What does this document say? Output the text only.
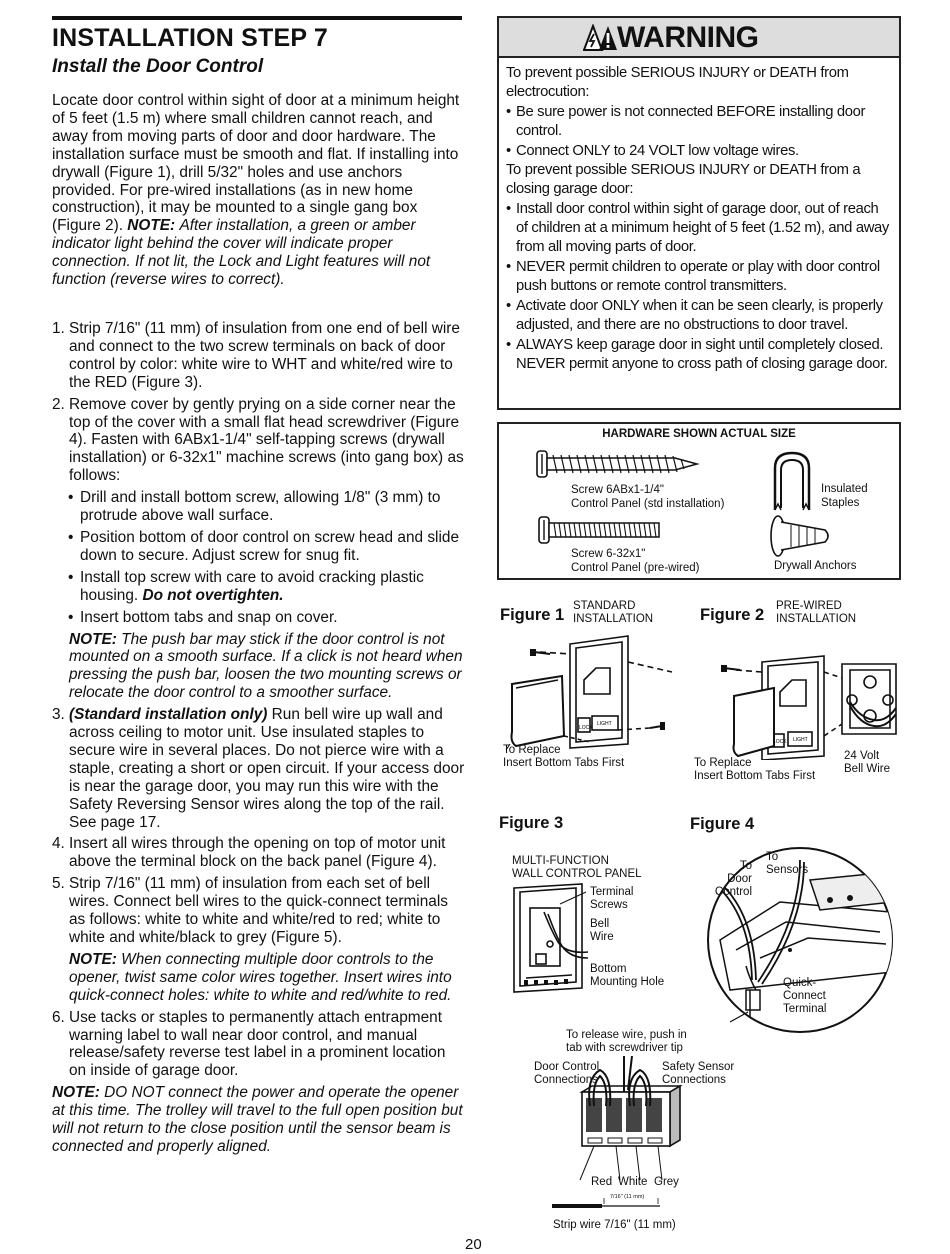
INSTALLATION STEP 7
Install the Door Control
Locate door control within sight of door at a minimum height of 5 feet (1.5 m) where small children cannot reach, and away from moving parts of door and door hardware. The installation surface must be smooth and flat. If installing into drywall (Figure 1), drill 5/32" holes and use anchors provided. For pre-wired installations (as in new home construction), it may be mounted to a single gang box (Figure 2). NOTE: After installation, a green or amber indicator light behind the cover will indicate proper connection. If not lit, the Lock and Light features will not function (reverse wires to correct).
1. Strip 7/16" (11 mm) of insulation from one end of bell wire and connect to the two screw terminals on back of door control by color: white wire to WHT and white/red wire to the RED (Figure 3).
2. Remove cover by gently prying on a side corner near the top of the cover with a small flat head screwdriver (Figure 4). Fasten with 6ABx1-1/4" self-tapping screws (drywall installation) or 6-32x1" machine screws (into gang box) as follows:
• Drill and install bottom screw, allowing 1/8" (3 mm) to protrude above wall surface.
• Position bottom of door control on screw head and slide down to secure. Adjust screw for snug fit.
• Install top screw with care to avoid cracking plastic housing. Do not overtighten.
• Insert bottom tabs and snap on cover.
NOTE: The push bar may stick if the door control is not mounted on a smooth surface. If a click is not heard when pressing the push bar, loosen the two mounting screws or relocate the door control to a smoother surface.
3. (Standard installation only) Run bell wire up wall and across ceiling to motor unit. Use insulated staples to secure wire in several places. Do not pierce wire with a staple, creating a short or open circuit. If your access door is near the garage door, you may run this wire with the Safety Reversing Sensor wires along the top of the rail. See page 17.
4. Insert all wires through the opening on top of motor unit above the terminal block on the back panel (Figure 4).
5. Strip 7/16" (11 mm) of insulation from each set of bell wires. Connect bell wires to the quick-connect terminals as follows: white to white and white/red to red; white to white and white/black to grey (Figure 5).
NOTE: When connecting multiple door controls to the opener, twist same color wires together. Insert wires into quick-connect holes: white to white and red/white to red.
6. Use tacks or staples to permanently attach entrapment warning label to wall near door control, and manual release/safety reverse test label in a prominent location on inside of garage door.
NOTE: DO NOT connect the power and operate the opener at this time. The trolley will travel to the full open position but will not return to the close position until the sensor beam is connected and properly aligned.
WARNING
To prevent possible SERIOUS INJURY or DEATH from electrocution:
• Be sure power is not connected BEFORE installing door control.
• Connect ONLY to 24 VOLT low voltage wires.
To prevent possible SERIOUS INJURY or DEATH from a closing garage door:
• Install door control within sight of garage door, out of reach of children at a minimum height of 5 feet (1.52 m), and away from all moving parts of door.
• NEVER permit children to operate or play with door control push buttons or remote control transmitters.
• Activate door ONLY when it can be seen clearly, is properly adjusted, and there are no obstructions to door travel.
• ALWAYS keep garage door in sight until completely closed. NEVER permit anyone to cross path of closing garage door.
HARDWARE SHOWN ACTUAL SIZE
Screw 6ABx1-1/4"
Control Panel (std installation)
Screw 6-32x1"
Control Panel (pre-wired)
Insulated
Staples
Drywall Anchors
Figure 1 STANDARD
INSTALLATION
LOCK
LIGHT
To Replace
Insert Bottom Tabs First
Figure 2 PRE-WIRED
INSTALLATION
LOCK LIGHT
To Replace
Insert Bottom Tabs First
24 Volt
Bell Wire
Figure 3
MULTI-FUNCTION
WALL CONTROL PANEL
Terminal
Screws
Bell
Wire
Bottom
Mounting Hole
Figure 4
To
Door
Control
To
Sensors
Quick-
Connect
Terminal
To release wire, push in
tab with screwdriver tip
Door Control
Connections
Safety Sensor
Connections
Red White Grey
7/16" (11 mm)
Strip wire 7/16" (11 mm)
20
